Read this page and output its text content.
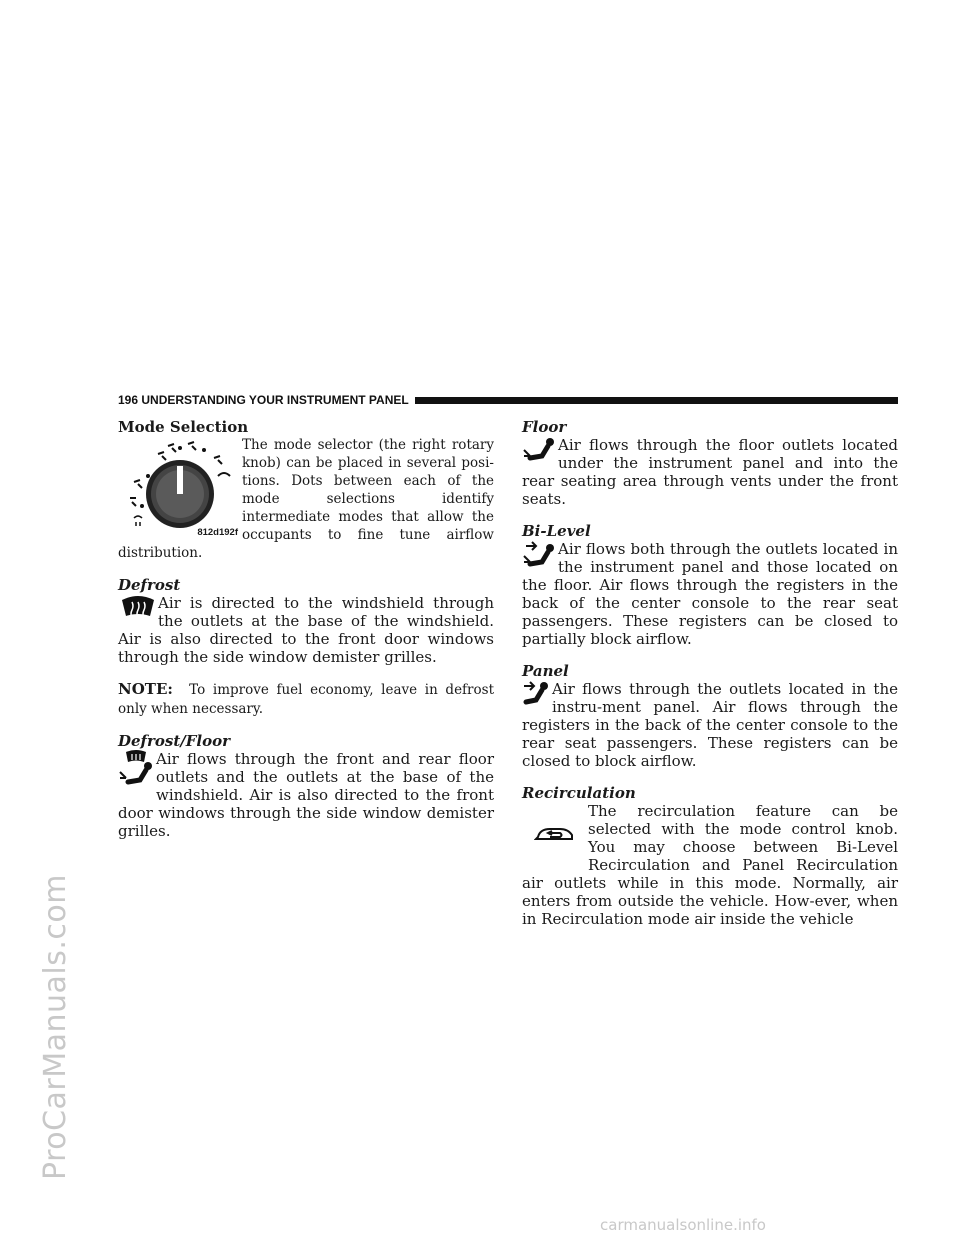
ProCarManuals.com
carmanualsonline.info
196 UNDERSTANDING YOUR INSTRUMENT PANEL
Mode Selection
812d192f

The mode selector (the right rotary knob) can be placed in several posi-tions. Dots between each of the mode selections identify intermediate modes that allow the occupants to fine tune airflow distribution.

Defrost

Air is directed to the windshield through the outlets at the base of the windshield. Air is also directed to the front door windows through the side window demister grilles.

NOTE: To improve fuel economy, leave in defrost only when necessary.

Defrost/Floor

Air flows through the front and rear floor outlets and the outlets at the base of the windshield. Air is also directed to the front door windows through the side window demister grilles.

Floor

Air flows through the floor outlets located under the instrument panel and into the rear seating area through vents under the front seats.

Bi-Level

Air flows both through the outlets located in the instrument panel and those located on the floor. Air flows through the registers in the back of the center console to the rear seat passengers. These registers can be closed to partially block airflow.

Panel

Air flows through the outlets located in the instru-ment panel. Air flows through the registers in the back of the center console to the rear seat passengers. These registers can be closed to block airflow.

Recirculation

The recirculation feature can be selected with the mode control knob. You may choose between Bi-Level Recirculation and Panel Recirculation air outlets while in this mode. Normally, air enters from outside the vehicle. How-ever, when in Recirculation mode air inside the vehicle
